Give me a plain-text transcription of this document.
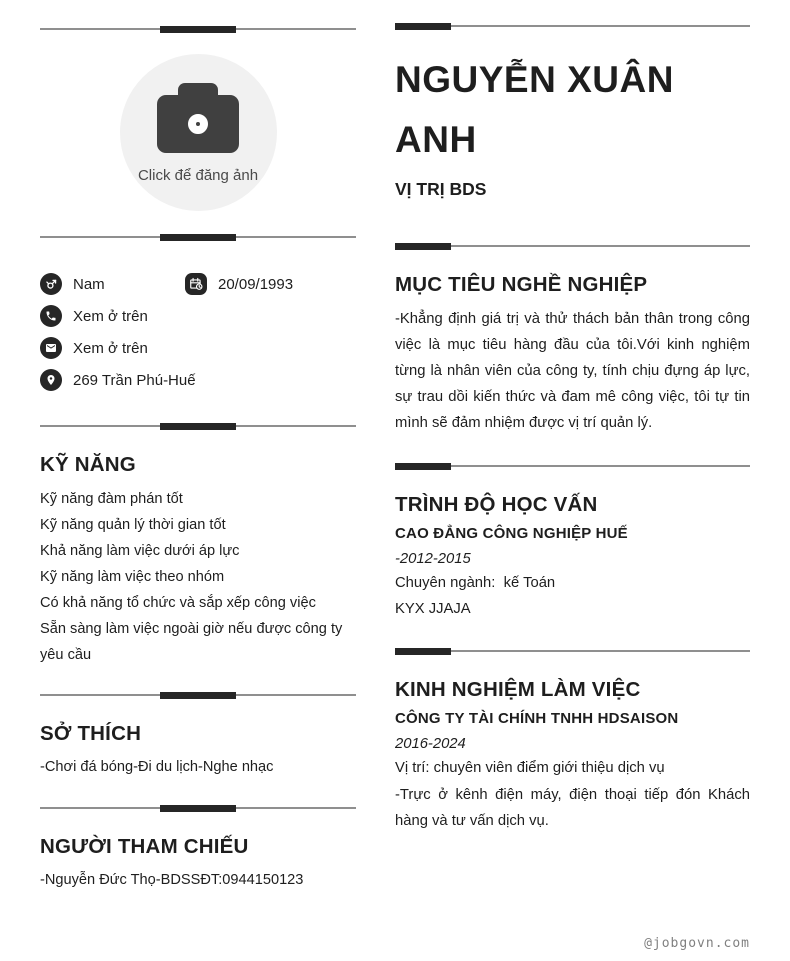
Click để đăng ảnh
Nam	20/09/1993
Xem ở trên
Xem ở trên
269 Trần Phú-Huế
KỸ NĂNG
Kỹ năng đàm phán tốt
Kỹ năng quản lý thời gian tốt
Khả năng làm việc dưới áp lực
Kỹ năng làm việc theo nhóm
Có khả năng tổ chức và sắp xếp công việc
Sẵn sàng làm việc ngoài giờ nếu được công ty yêu cầu
SỞ THÍCH
-Chơi đá bóng-Đi du lịch-Nghe nhạc
NGƯỜI THAM CHIẾU
-Nguyễn Đức Thọ-BDSSĐT:0944150123
NGUYỄN XUÂN ANH
VỊ TRỊ BDS
MỤC TIÊU NGHỀ NGHIỆP
-Khẳng định giá trị và thử thách bản thân trong công việc là mục tiêu hàng đầu của tôi.Với kinh nghiệm từng là nhân viên của công ty, tính chịu đựng áp lực, sự trau dồi kiến thức và đam mê công việc, tôi tự tin mình sẽ đảm nhiệm được vị trí quản lý.
TRÌNH ĐỘ HỌC VẤN
CAO ĐẲNG CÔNG NGHIỆP HUẾ
-2012-2015
Chuyên ngành:  kế Toán
KYX JJAJA
KINH NGHIỆM LÀM VIỆC
CÔNG TY TÀI CHÍNH TNHH HDSAISON
2016-2024
Vị trí: chuyên viên điểm giới thiệu dịch vụ
-Trực ở kênh điện máy, điện thoại tiếp đón Khách hàng và tư vấn dịch vụ.
@jobgovn.com
